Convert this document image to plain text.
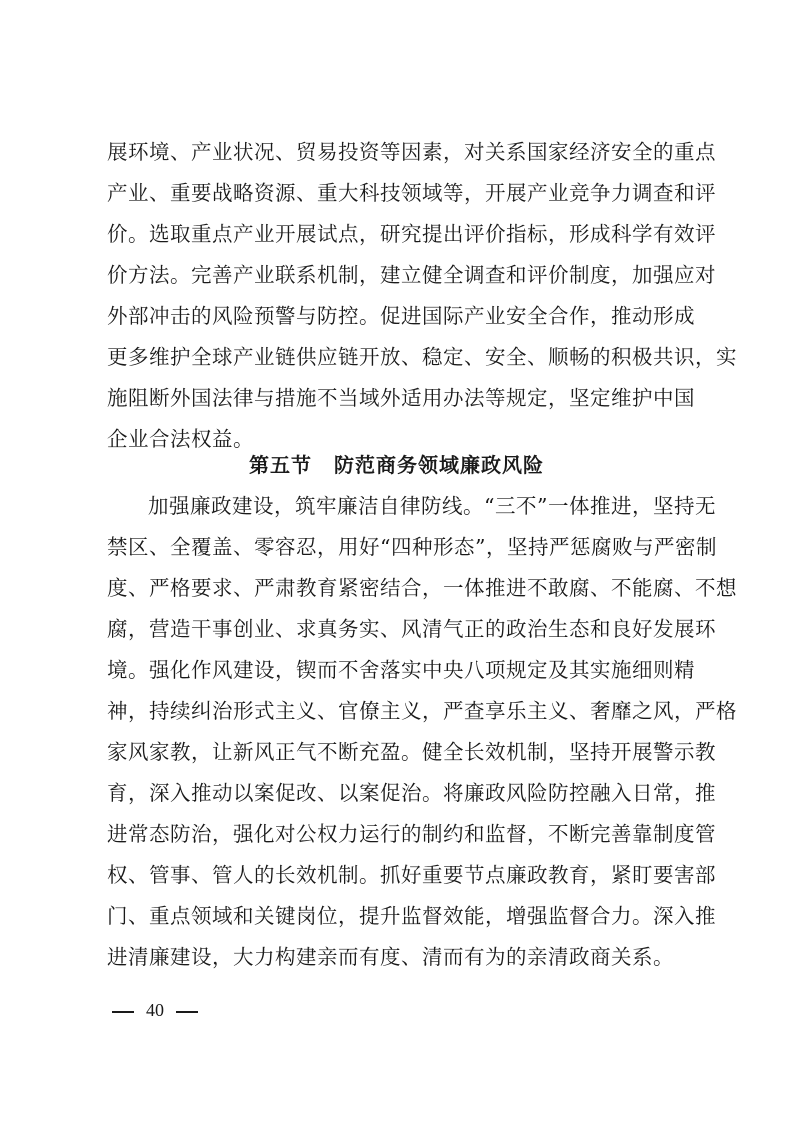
展环境、产业状况、贸易投资等因素，对关系国家经济安全的重点
产业、重要战略资源、重大科技领域等，开展产业竞争力调查和评
价。选取重点产业开展试点，研究提出评价指标，形成科学有效评
价方法。完善产业联系机制，建立健全调查和评价制度，加强应对
外部冲击的风险预警与防控。促进国际产业安全合作，推动形成
更多维护全球产业链供应链开放、稳定、安全、顺畅的积极共识，实
施阻断外国法律与措施不当域外适用办法等规定，坚定维护中国
企业合法权益。
第五节 防范商务领域廉政风险
加强廉政建设，筑牢廉洁自律防线。“三不”一体推进，坚持无
禁区、全覆盖、零容忍，用好“四种形态”，坚持严惩腐败与严密制
度、严格要求、严肃教育紧密结合，一体推进不敢腐、不能腐、不想
腐，营造干事创业、求真务实、风清气正的政治生态和良好发展环
境。强化作风建设，锲而不舍落实中央八项规定及其实施细则精
神，持续纠治形式主义、官僚主义，严查享乐主义、奢靡之风，严格
家风家教，让新风正气不断充盈。健全长效机制，坚持开展警示教
育，深入推动以案促改、以案促治。将廉政风险防控融入日常，推
进常态防治，强化对公权力运行的制约和监督，不断完善靠制度管
权、管事、管人的长效机制。抓好重要节点廉政教育，紧盯要害部
门、重点领域和关键岗位，提升监督效能，增强监督合力。深入推
进清廉建设，大力构建亲而有度、清而有为的亲清政商关系。
40
